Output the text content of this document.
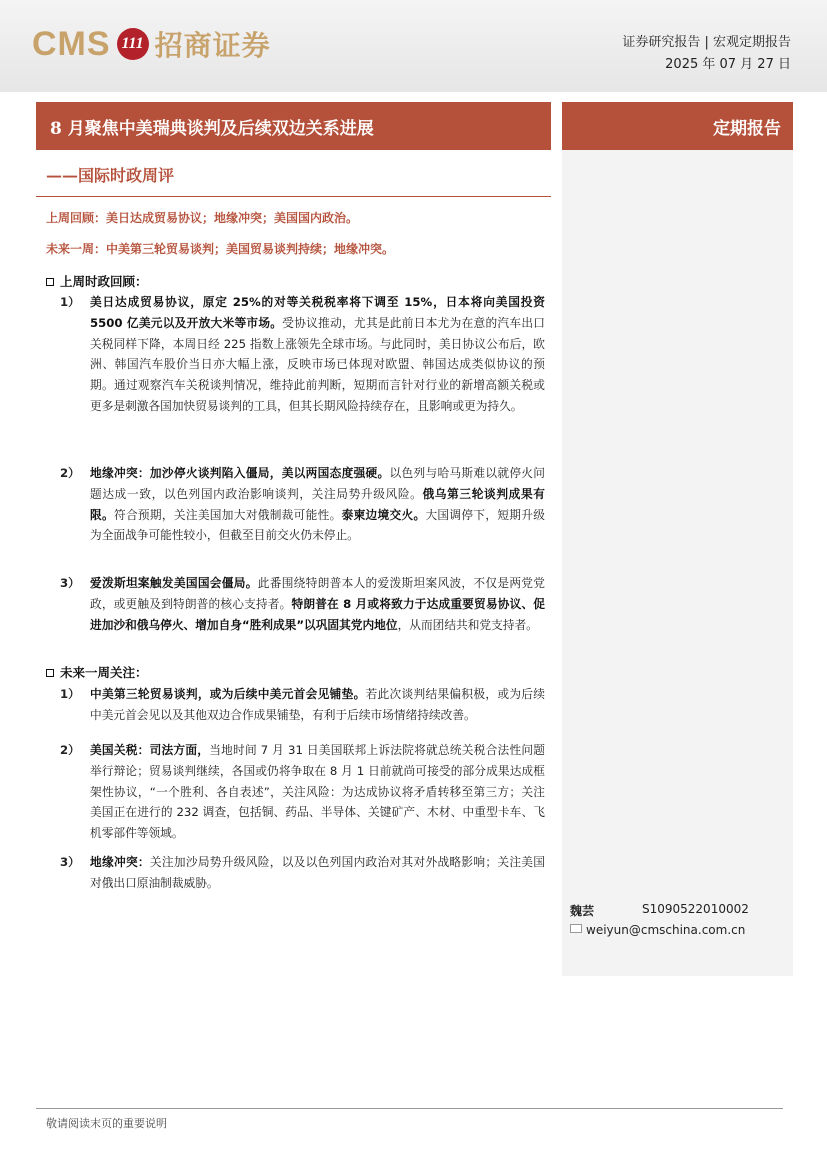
CMS 111 招商证券	证券研究报告 | 宏观定期报告
2025 年 07 月 27 日
8 月聚焦中美瑞典谈判及后续双边关系进展	定期报告
——国际时政周评
上周回顾：美日达成贸易协议；地缘冲突；美国国内政治。
未来一周：中美第三轮贸易谈判；美国贸易谈判持续；地缘冲突。
上周时政回顾：
1） 美日达成贸易协议，原定 25%的对等关税税率将下调至 15%，日本将向美国投资 5500 亿美元以及开放大米等市场。受协议推动，尤其是此前日本尤为在意的汽车出口关税同样下降，本周日经 225 指数上涨领先全球市场。与此同时，美日协议公布后，欧洲、韩国汽车股价当日亦大幅上涨，反映市场已体现对欧盟、韩国达成类似协议的预期。通过观察汽车关税谈判情况，维持此前判断，短期而言针对行业的新增高额关税或更多是刺激各国加快贸易谈判的工具，但其长期风险持续存在，且影响或更为持久。
2） 地缘冲突：加沙停火谈判陷入僵局，美以两国态度强硬。以色列与哈马斯难以就停火问题达成一致，以色列国内政治影响谈判，关注局势升级风险。俄乌第三轮谈判成果有限。符合预期，关注美国加大对俄制裁可能性。泰柬边境交火。大国调停下，短期升级为全面战争可能性较小，但截至目前交火仍未停止。
3） 爱泼斯坦案触发美国国会僵局。此番围绕特朗普本人的爱泼斯坦案风波，不仅是两党党政，或更触及到特朗普的核心支持者。特朗普在 8 月或将致力于达成重要贸易协议、促进加沙和俄乌停火、增加自身“胜利成果”以巩固其党内地位，从而团结共和党支持者。
未来一周关注：
1） 中美第三轮贸易谈判，或为后续中美元首会见铺垫。若此次谈判结果偏积极，或为后续中美元首会见以及其他双边合作成果铺垫，有利于后续市场情绪持续改善。
2） 美国关税：司法方面，当地时间 7 月 31 日美国联邦上诉法院将就总统关税合法性问题举行辩论；贸易谈判继续，各国或仍将争取在 8 月 1 日前就尚可接受的部分成果达成框架性协议，“一个胜利、各自表述”，关注风险：为达成协议将矛盾转移至第三方；关注美国正在进行的 232 调查，包括铜、药品、半导体、关键矿产、木材、中重型卡车、飞机零部件等领域。
3） 地缘冲突：关注加沙局势升级风险，以及以色列国内政治对其对外战略影响；关注美国对俄出口原油制裁威胁。
魏芸	S1090522010002
weiyun@cmschina.com.cn
敬请阅读末页的重要说明
